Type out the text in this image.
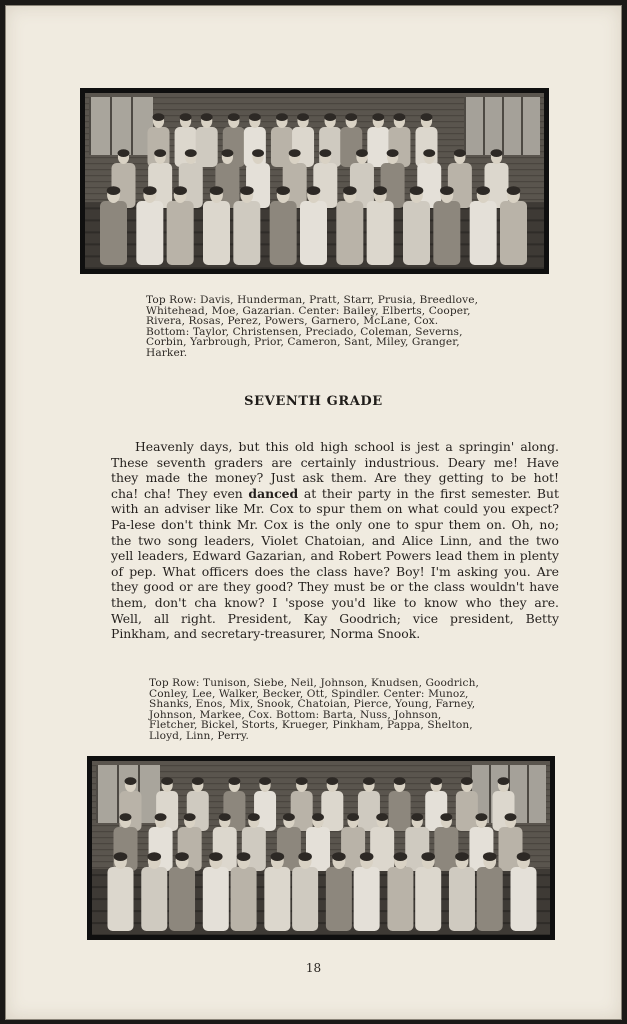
Top Row: Davis, Hunderman, Pratt, Starr, Prusia, Breedlove,
Whitehead, Moe, Gazarian. Center: Bailey, Elberts, Cooper,
Rivera, Rosas, Perez, Powers, Garnero, McLane, Cox.
Bottom: Taylor, Christensen, Preciado, Coleman, Severns,
Corbin, Yarbrough, Prior, Cameron, Sant, Miley, Granger,
Harker.
SEVENTH GRADE
Heavenly days, but this old high school is jest a springin' along.
These seventh graders are certainly industrious. Deary me! Have
they made the money? Just ask them. Are they getting to be hot!
cha! cha! They even danced at their party in the first semester. But
with an adviser like Mr. Cox to spur them on what could you expect?
Pa-lese don't think Mr. Cox is the only one to spur them on. Oh, no;
the two song leaders, Violet Chatoian, and Alice Linn, and the two
yell leaders, Edward Gazarian, and Robert Powers lead them in plenty
of pep. What officers does the class have? Boy! I'm asking you. Are
they good or are they good? They must be or the class wouldn't have
them, don't cha know? I 'spose you'd like to know who they are.
Well, all right. President, Kay Goodrich; vice president, Betty
Pinkham, and secretary-treasurer, Norma Snook.
Top Row: Tunison, Siebe, Neil, Johnson, Knudsen, Goodrich,
Conley, Lee, Walker, Becker, Ott, Spindler. Center: Munoz,
Shanks, Enos, Mix, Snook, Chatoian, Pierce, Young, Farney,
Johnson, Markee, Cox. Bottom: Barta, Nuss, Johnson,
Fletcher, Bickel, Storts, Krueger, Pinkham, Pappa, Shelton,
Lloyd, Linn, Perry.
18
